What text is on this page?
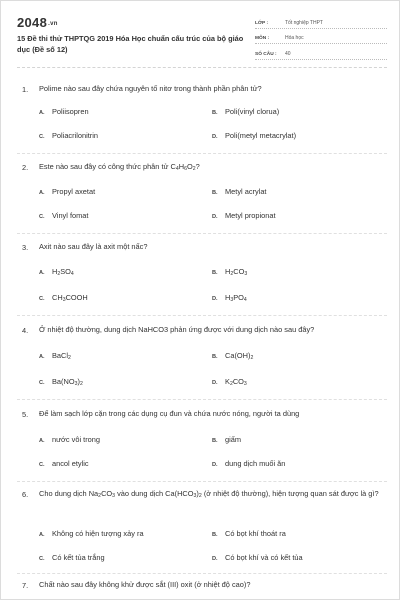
2048.vn
15 Đề thi thử THPTQG 2019 Hóa Học chuẩn cấu trúc của bộ giáo dục (Đề số 12)
LỚP :	Tốt nghiệp THPT
MÔN :	Hóa học
SỐ CÂU :	40
1. Polime nào sau đây chứa nguyên tố nitơ trong thành phần phân tử?
A. Poliisopren	B. Poli(vinyl clorua)
C. Poliacrilonitrin	D. Poli(metyl metacrylat)
2. Este nào sau đây có công thức phân tử $C_4H_6O_2$?
A. Propyl axetat	B. Metyl acrylat
C. Vinyl fomat	D. Metyl propionat
3. Axit nào sau đây là axit một nấc?
A. $H_2SO_4$	B. $H_2CO_3$
C. $CH_3COOH$	D. $H_3PO_4$
4. Ở nhiệt độ thường, dung dịch NaHCO3 phản ứng được với dung dịch nào sau đây?
A. BaCl$_2$	B. $Ca(OH)_2$
C. $Ba(NO_3)_2$	D. $K_2CO_3$
5. Để làm sạch lớp cặn trong các dụng cụ đun và chứa nước nóng, người ta dùng
A. nước vôi trong	B. giấm
C. ancol etylic	D. dung dịch muối ăn
6. Cho dung dịch $Na_2CO_3$ vào dung dịch $Ca(HCO_3)_2$ (ở nhiệt độ thường), hiện tượng quan sát được là gì?
A. Không có hiện tượng xảy ra	B. Có bọt khí thoát ra
C. Có kết tủa trắng	D. Có bọt khí và có kết tủa
7. Chất nào sau đây không khử được sắt (III) oxit (ở nhiệt độ cao)?
